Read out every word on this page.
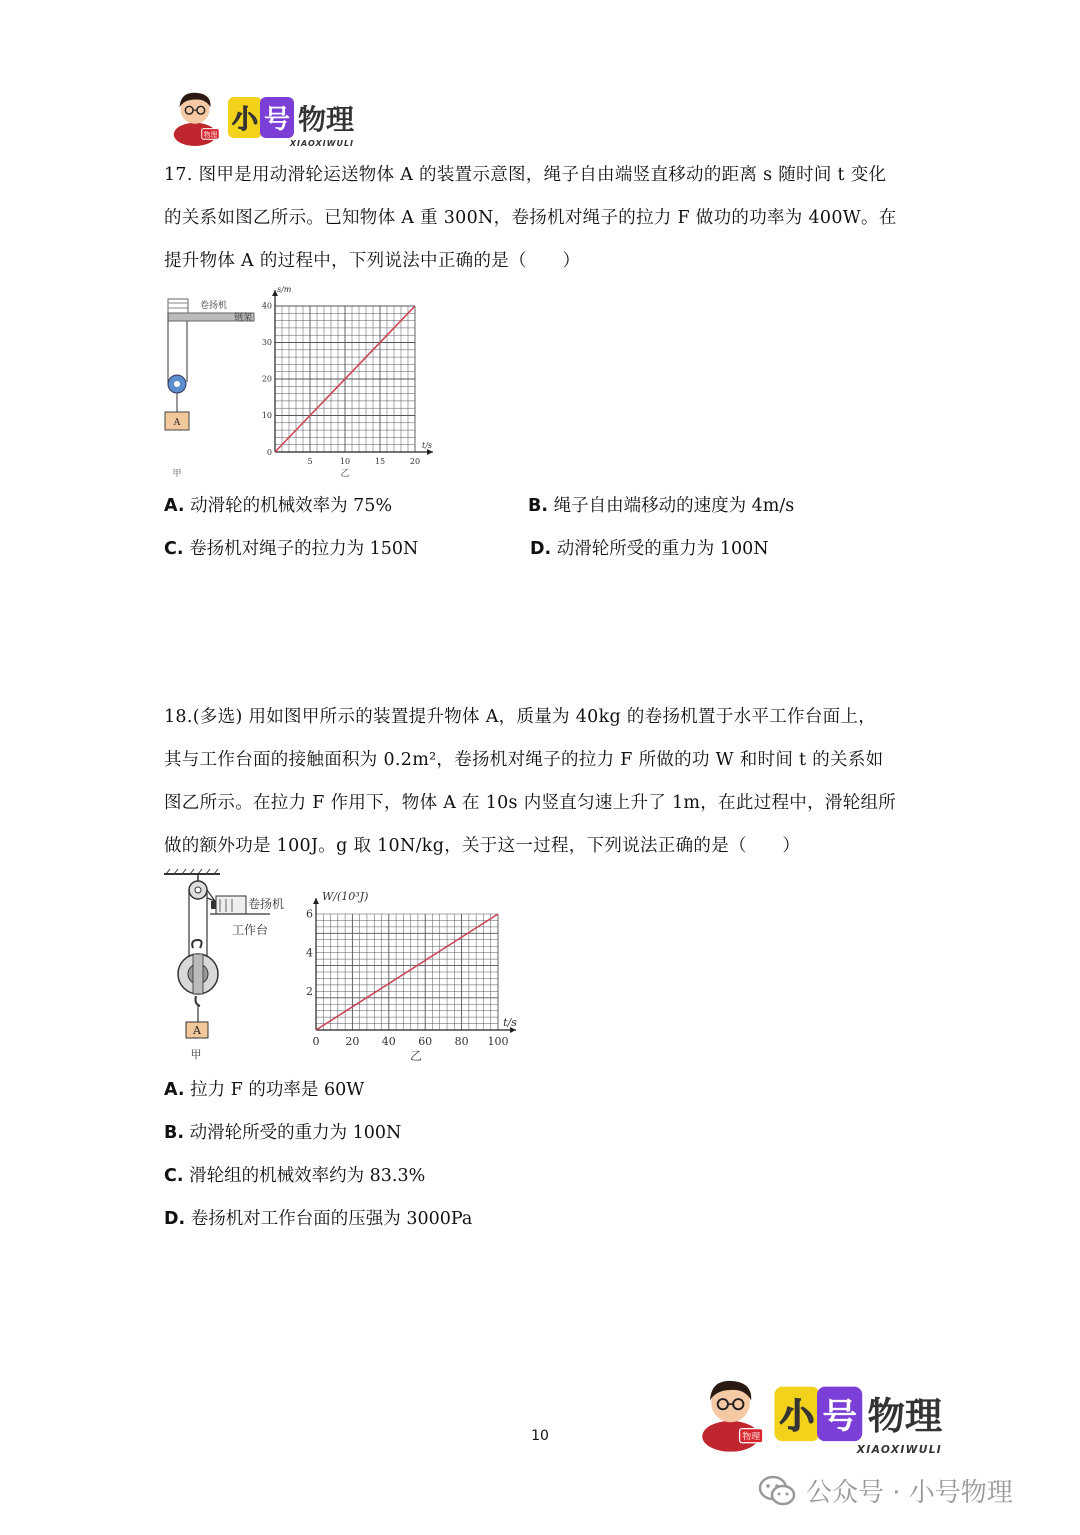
物理 小 号 物理
XIAOXIWULI
17. 图甲是用动滑轮运送物体 A 的装置示意图，绳子自由端竖直移动的距离 s 随时间 t 变化
的关系如图乙所示。已知物体 A 重 300N，卷扬机对绳子的拉力 F 做功的功率为 400W。在
提升物体 A 的过程中，下列说法中正确的是（　　）
卷扬机
钢架
A
甲
5	10	15	20
10
20
30
40
0
t/s
s/m
乙
A. 动滑轮的机械效率为 75%	B. 绳子自由端移动的速度为 4m/s
C. 卷扬机对绳子的拉力为 150N	D. 动滑轮所受的重力为 100N
18.(多选) 用如图甲所示的装置提升物体 A，质量为 40kg 的卷扬机置于水平工作台面上，
其与工作台面的接触面积为 0.2m²，卷扬机对绳子的拉力 F 所做的功 W 和时间 t 的关系如
图乙所示。在拉力 F 作用下，物体 A 在 10s 内竖直匀速上升了 1m，在此过程中，滑轮组所
做的额外功是 100J。g 取 10N/kg，关于这一过程，下列说法正确的是（　　）
卷扬机
工作台
A
甲
0 20 40 60 80 100
2
4
6
t/s
W/(10³J)
乙
A. 拉力 F 的功率是 60W
B. 动滑轮所受的重力为 100N
C. 滑轮组的机械效率约为 83.3%
D. 卷扬机对工作台面的压强为 3000Pa
10	物理
小 号 物理
XIAOXIWULI
公众号 · 小号物理
